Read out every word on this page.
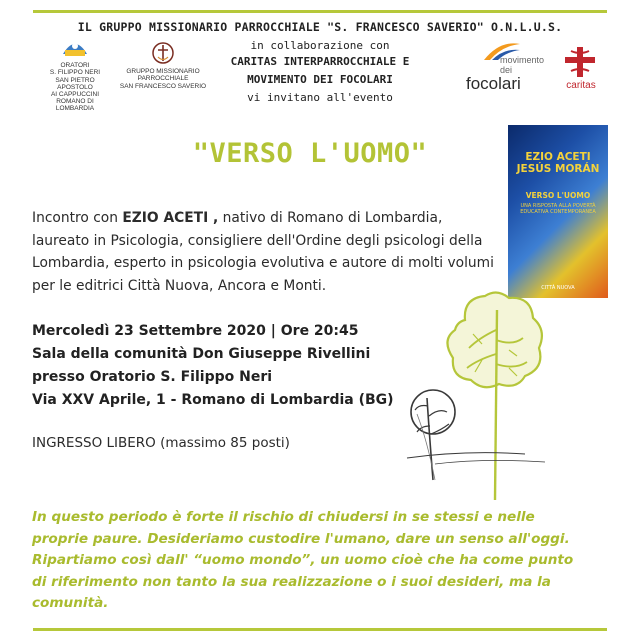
IL GRUPPO MISSIONARIO PARROCCHIALE "S. FRANCESCO SAVERIO" O.N.L.U.S.
in collaborazione con
CARITAS INTERPARROCCHIALE E
MOVIMENTO DEI FOCOLARI
vi invitano all'evento
ORATORI
S. FILIPPO NERI
SAN PIETRO APOSTOLO
AI CAPPUCCINI
ROMANO DI LOMBARDIA
GRUPPO MISSIONARIO
PARROCCHIALE
SAN FRANCESCO SAVERIO
movimento dei
focolari	caritas
"VERSO L'UOMO"	EZIO ACETI
JESÚS MORÁN
VERSO L'UOMO
UNA RISPOSTA ALLA POVERTÀ EDUCATIVA CONTEMPORANEA
CITTÀ NUOVA
Incontro con EZIO ACETI , nativo di Romano di Lombardia, laureato in Psicologia, consigliere dell'Ordine degli psicologi della Lombardia, esperto in psicologia evolutiva e autore di molti volumi per le editrici Città Nuova, Ancora e Monti.
Mercoledì 23 Settembre 2020 | Ore 20:45
Sala della comunità Don Giuseppe Rivellini
presso Oratorio S. Filippo Neri
Via XXV Aprile, 1 - Romano di Lombardia (BG)
INGRESSO LIBERO (massimo 85 posti)
In questo periodo è forte il rischio di chiudersi in se stessi e nelle proprie paure. Desideriamo custodire l'umano, dare un senso all'oggi. Ripartiamo così dall' “uomo mondo”, un uomo cioè che ha come punto di riferimento non tanto la sua realizzazione o i suoi desideri, ma la comunità.
